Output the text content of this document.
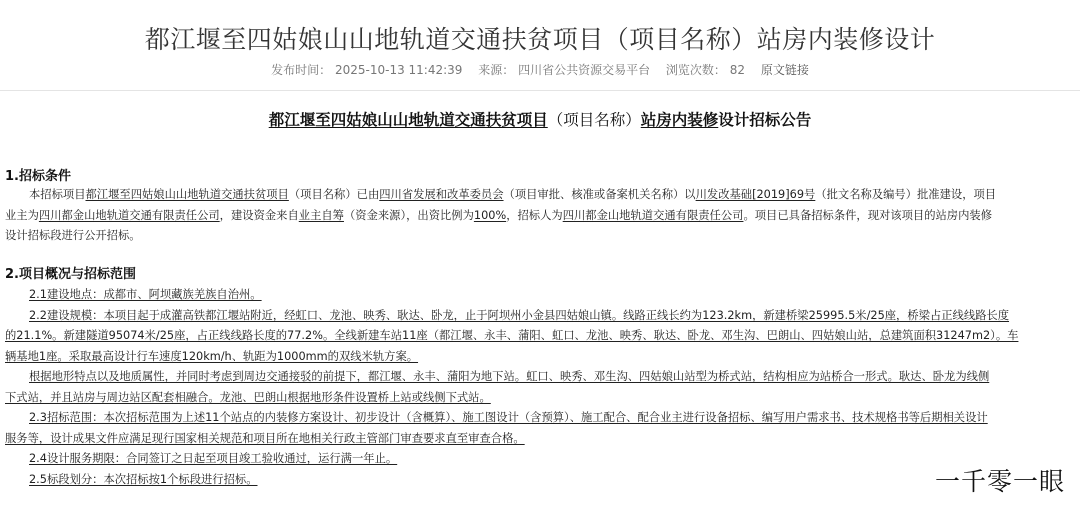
都江堰至四姑娘山山地轨道交通扶贫项目（项目名称）站房内装修设计
发布时间： 2025-10-13 11:42:39 来源： 四川省公共资源交易平台 浏览次数： 82 原文链接
都江堰至四姑娘山山地轨道交通扶贫项目（项目名称）站房内装修设计招标公告
1.招标条件
本招标项目都江堰至四姑娘山山地轨道交通扶贫项目（项目名称）已由四川省发展和改革委员会（项目审批、核准或备案机关名称）以川发改基础[2019]69号（批文名称及编号）批准建设，项目
业主为四川都金山地轨道交通有限责任公司，建设资金来自业主自筹（资金来源），出资比例为100%，招标人为四川都金山地轨道交通有限责任公司。项目已具备招标条件，现对该项目的站房内装修
设计招标段进行公开招标。
2.项目概况与招标范围
2.1建设地点：成都市、阿坝藏族羌族自治州。
2.2建设规模：本项目起于成灌高铁都江堰站附近，经虹口、龙池、映秀、耿达、卧龙，止于阿坝州小金县四姑娘山镇。线路正线长约为123.2km，新建桥梁25995.5米/25座，桥梁占正线线路长度
的21.1%。新建隧道95074米/25座，占正线线路长度的77.2%。全线新建车站11座（都江堰、永丰、蒲阳、虹口、龙池、映秀、耿达、卧龙、邓生沟、巴朗山、四姑娘山站，总建筑面积31247m2）。车
辆基地1座。采取最高设计行车速度120km/h、轨距为1000mm的双线米轨方案。
根据地形特点以及地质属性，并同时考虑到周边交通接驳的前提下，都江堰、永丰、蒲阳为地下站。虹口、映秀、邓生沟、四姑娘山站型为桥式站，结构相应为站桥合一形式。耿达、卧龙为线侧
下式站，并且站房与周边站区配套相融合。龙池、巴朗山根据地形条件设置桥上站或线侧下式站。
2.3招标范围：本次招标范围为上述11个站点的内装修方案设计、初步设计（含概算）、施工图设计（含预算）、施工配合、配合业主进行设备招标、编写用户需求书、技术规格书等后期相关设计
服务等，设计成果文件应满足现行国家相关规范和项目所在地相关行政主管部门审查要求直至审查合格。
2.4设计服务期限：合同签订之日起至项目竣工验收通过，运行满一年止。
2.5标段划分：本次招标按1个标段进行招标。	一千零一眼
